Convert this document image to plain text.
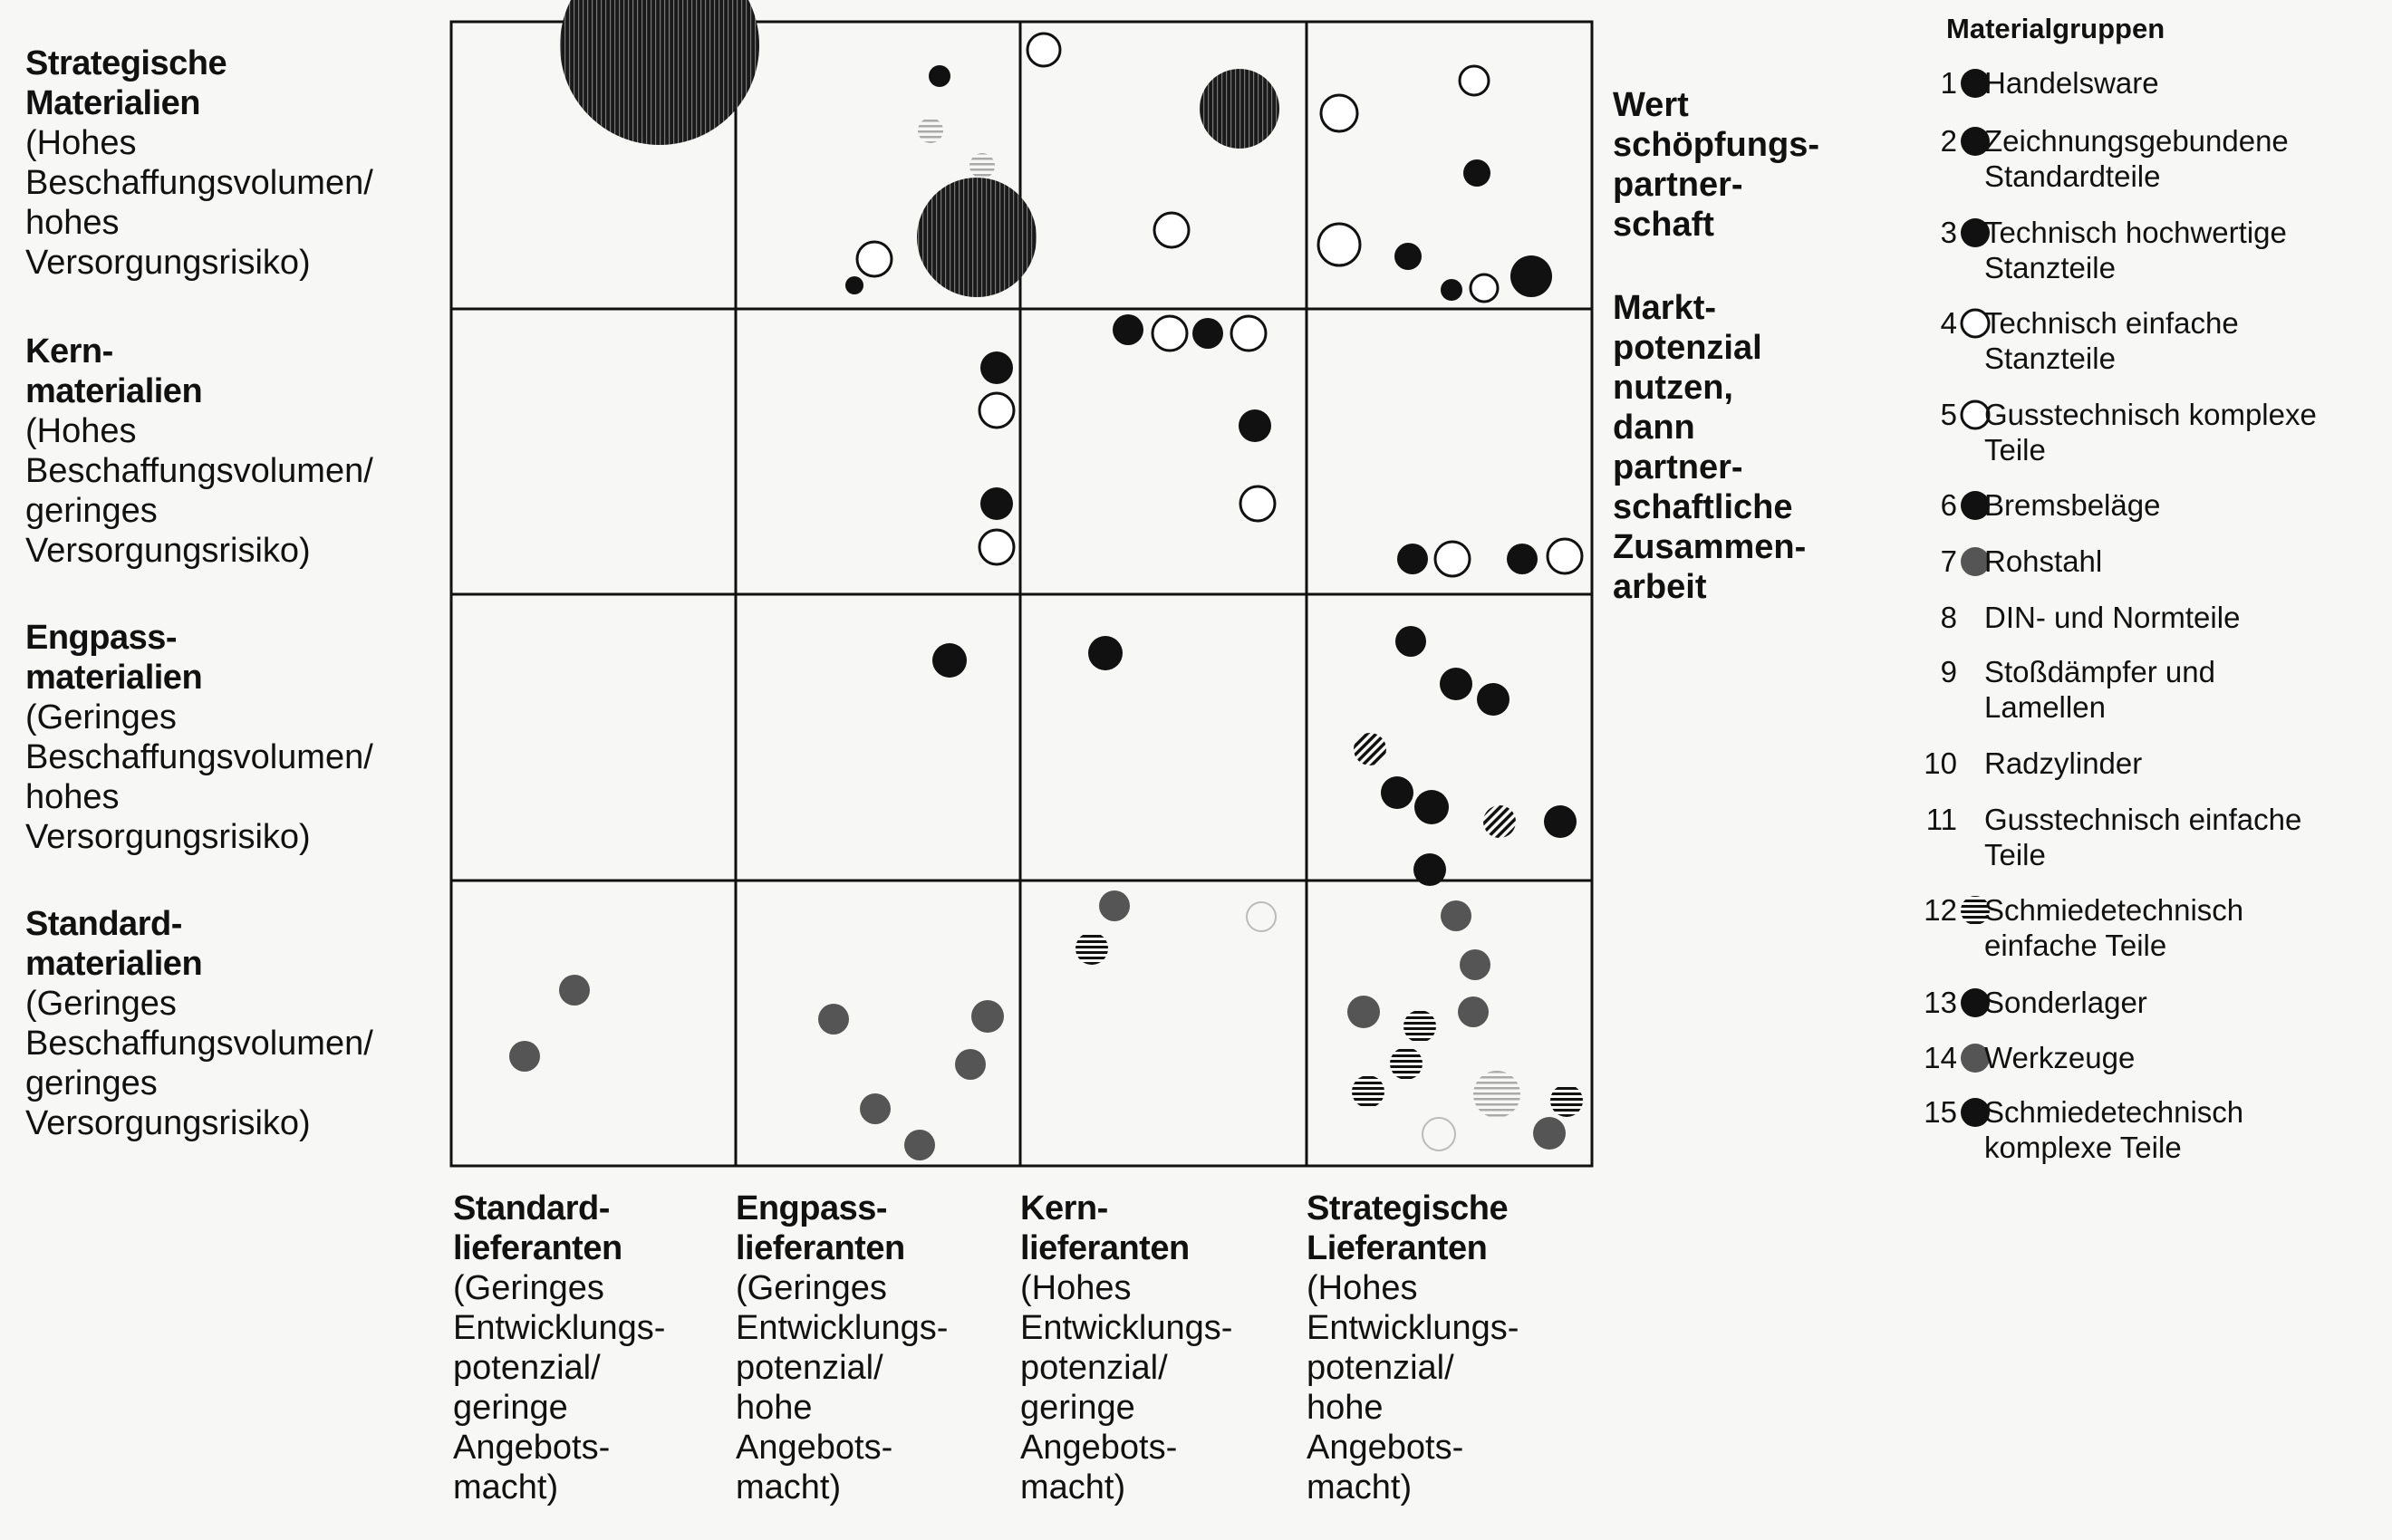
Strategische
Materialien
(Hohes
Beschaffungsvolumen/
hohes
Versorgungsrisiko)
Kern-
materialien
(Hohes
Beschaffungsvolumen/
geringes
Versorgungsrisiko)
Engpass-
materialien
(Geringes
Beschaffungsvolumen/
hohes
Versorgungsrisiko)
Standard-
materialien
(Geringes
Beschaffungsvolumen/
geringes
Versorgungsrisiko)
Standard-
lieferanten
(Geringes
Entwicklungs-
potenzial/
geringe
Angebots-
macht)
Engpass-
lieferanten
(Geringes
Entwicklungs-
potenzial/
hohe
Angebots-
macht)
Kern-
lieferanten
(Hohes
Entwicklungs-
potenzial/
geringe
Angebots-
macht)
Strategische
Lieferanten
(Hohes
Entwicklungs-
potenzial/
hohe
Angebots-
macht)
Wert
schöpfungs-
partner-
schaft
Markt-
potenzial
nutzen,
dann
partner-
schaftliche
Zusammen-
arbeit
Materialgruppen
1 Handelsware
2 Zeichnungsgebundene
Standardteile
3 Technisch hochwertige
Stanzteile
4 Technisch einfache
Stanzteile
5 Gusstechnisch komplexe
Teile
6 Bremsbeläge
7 Rohstahl
8 DIN- und Normteile
9 Stoßdämpfer und
Lamellen
10 Radzylinder
11 Gusstechnisch einfache
Teile
12 Schmiedetechnisch
einfache Teile
13 Sonderlager
14 Werkzeuge
15 Schmiedetechnisch
komplexe Teile
